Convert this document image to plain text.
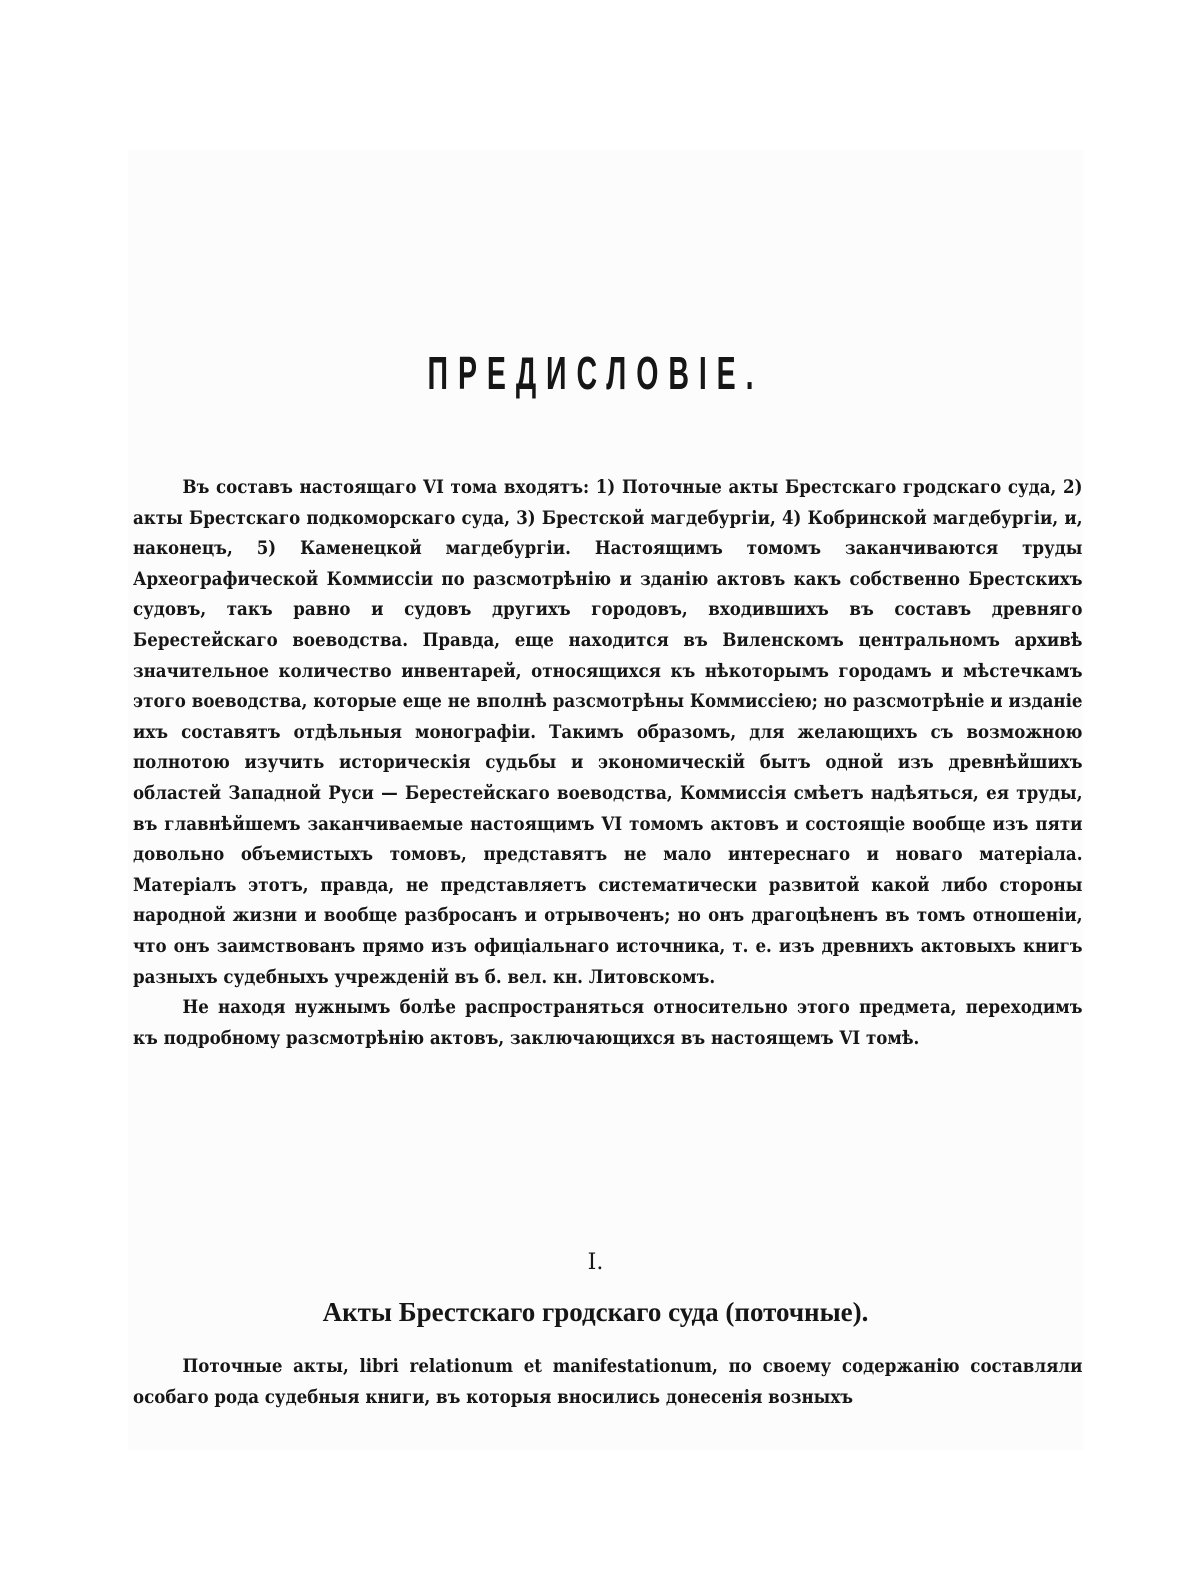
ПРЕДИСЛОВІЕ.

Въ составъ настоящаго VI тома входятъ: 1) Поточные акты Брестскаго гродскаго суда, 2) акты Брестскаго подкоморскаго суда, 3) Брестской магдебургіи, 4) Кобринской магдебургіи, и, наконецъ, 5) Каменецкой магдебургіи. Настоящимъ томомъ заканчиваются труды Археографической Коммиссіи по разсмотрѣнію и зданію актовъ какъ собственно Брестскихъ судовъ, такъ равно и судовъ другихъ городовъ, входившихъ въ составъ древняго Берестейскаго воеводства. Правда, еще находится въ Виленскомъ центральномъ архивѣ значительное количество инвентарей, относящихся къ нѣкоторымъ городамъ и мѣстечкамъ этого воеводства, которые еще не вполнѣ разсмотрѣны Коммиссіею; но разсмотрѣніе и изданіе ихъ составятъ отдѣльныя монографіи. Такимъ образомъ, для желающихъ съ возможною полнотою изучить историческія судьбы и экономическій бытъ одной изъ древнѣйшихъ областей Западной Руси — Берестейскаго воеводства, Коммиссія смѣетъ надѣяться, ея труды, въ главнѣйшемъ заканчиваемые настоящимъ VI томомъ актовъ и состоящіе вообще изъ пяти довольно объемистыхъ томовъ, представятъ не мало интереснаго и новаго матеріала. Матеріалъ этотъ, правда, не представляетъ систематически развитой какой либо стороны народной жизни и вообще разбросанъ и отрывоченъ; но онъ драгоцѣненъ въ томъ отношеніи, что онъ заимствованъ прямо изъ офиціальнаго источника, т. е. изъ древнихъ актовыхъ книгъ разныхъ судебныхъ учрежденій въ б. вел. кн. Литовскомъ.

Не находя нужнымъ болѣе распространяться относительно этого предмета, переходимъ къ подробному разсмотрѣнію актовъ, заключающихся въ настоящемъ VI томѣ.

I.
Акты Брестскаго гродскаго суда (поточные).

Поточные акты, libri relationum et manifestationum, по своему содержанію составляли особаго рода судебныя книги, въ которыя вносились донесенія возныхъ
